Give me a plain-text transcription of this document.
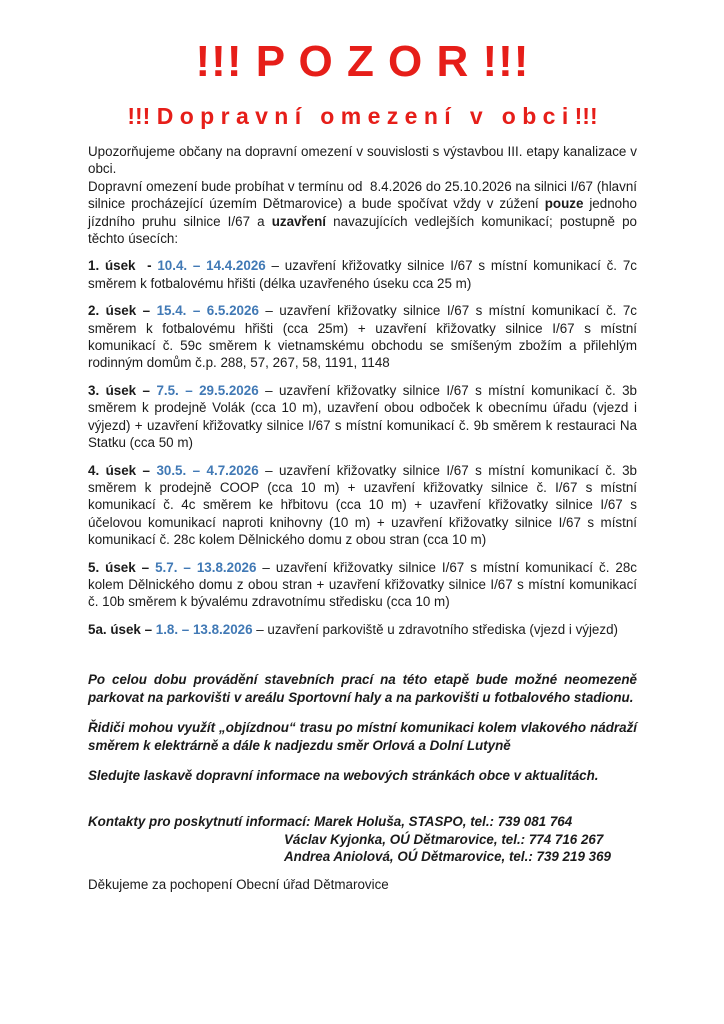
!!! P O Z O R !!!
!!! D o p r a v n í   o m e z e n í   v   o b c i !!!

Upozorňujeme občany na dopravní omezení v souvislosti s výstavbou III. etapy kanalizace v obci.

Dopravní omezení bude probíhat v termínu od  8.4.2026 do 25.10.2026 na silnici I/67 (hlavní silnice procházející územím Dětmarovice) a bude spočívat vždy v zúžení pouze jednoho jízdního pruhu silnice I/67 a uzavření navazujících vedlejších komunikací; postupně po těchto úsecích:

1. úsek  - 10.4. – 14.4.2026 – uzavření křižovatky silnice I/67 s místní komunikací č. 7c směrem k fotbalovému hřišti (délka uzavřeného úseku cca 25 m)

2. úsek – 15.4. – 6.5.2026 – uzavření křižovatky silnice I/67 s místní komunikací č. 7c směrem k fotbalovému hřišti (cca 25m) + uzavření křižovatky silnice I/67 s místní komunikací č. 59c směrem k vietnamskému obchodu se smíšeným zbožím a přilehlým rodinným domům č.p. 288, 57, 267, 58, 1191, 1148

3. úsek – 7.5. – 29.5.2026 – uzavření křižovatky silnice I/67 s místní komunikací č. 3b směrem k prodejně Volák (cca 10 m), uzavření obou odboček k obecnímu úřadu (vjezd i výjezd) + uzavření křižovatky silnice I/67 s místní komunikací č. 9b směrem k restauraci Na Statku (cca 50 m)

4. úsek – 30.5. – 4.7.2026 – uzavření křižovatky silnice I/67 s místní komunikací č. 3b směrem k prodejně COOP (cca 10 m) + uzavření křižovatky silnice č. I/67 s místní komunikací č. 4c směrem ke hřbitovu (cca 10 m) + uzavření křižovatky silnice I/67 s účelovou komunikací naproti knihovny (10 m) + uzavření křižovatky silnice I/67 s místní komunikací č. 28c kolem Dělnického domu z obou stran (cca 10 m)

5. úsek – 5.7. – 13.8.2026 – uzavření křižovatky silnice I/67 s místní komunikací č. 28c kolem Dělnického domu z obou stran + uzavření křižovatky silnice I/67 s místní komunikací č. 10b směrem k bývalému zdravotnímu středisku (cca 10 m)

5a. úsek – 1.8. – 13.8.2026 – uzavření parkoviště u zdravotního střediska (vjezd i výjezd)

Po celou dobu provádění stavebních prací na této etapě bude možné neomezeně parkovat na parkovišti v areálu Sportovní haly a na parkovišti u fotbalového stadionu.

Řidiči mohou využít „objízdnou“ trasu po místní komunikaci kolem vlakového nádraží směrem k elektrárně a dále k nadjezdu směr Orlová a Dolní Lutyně

Sledujte laskavě dopravní informace na webových stránkách obce v aktualitách.

Kontakty pro poskytnutí informací: Marek Holuša, STASPO, tel.: 739 081 764
Václav Kyjonka, OÚ Dětmarovice, tel.: 774 716 267
Andrea Aniolová, OÚ Dětmarovice, tel.: 739 219 369

Děkujeme za pochopení Obecní úřad Dětmarovice
